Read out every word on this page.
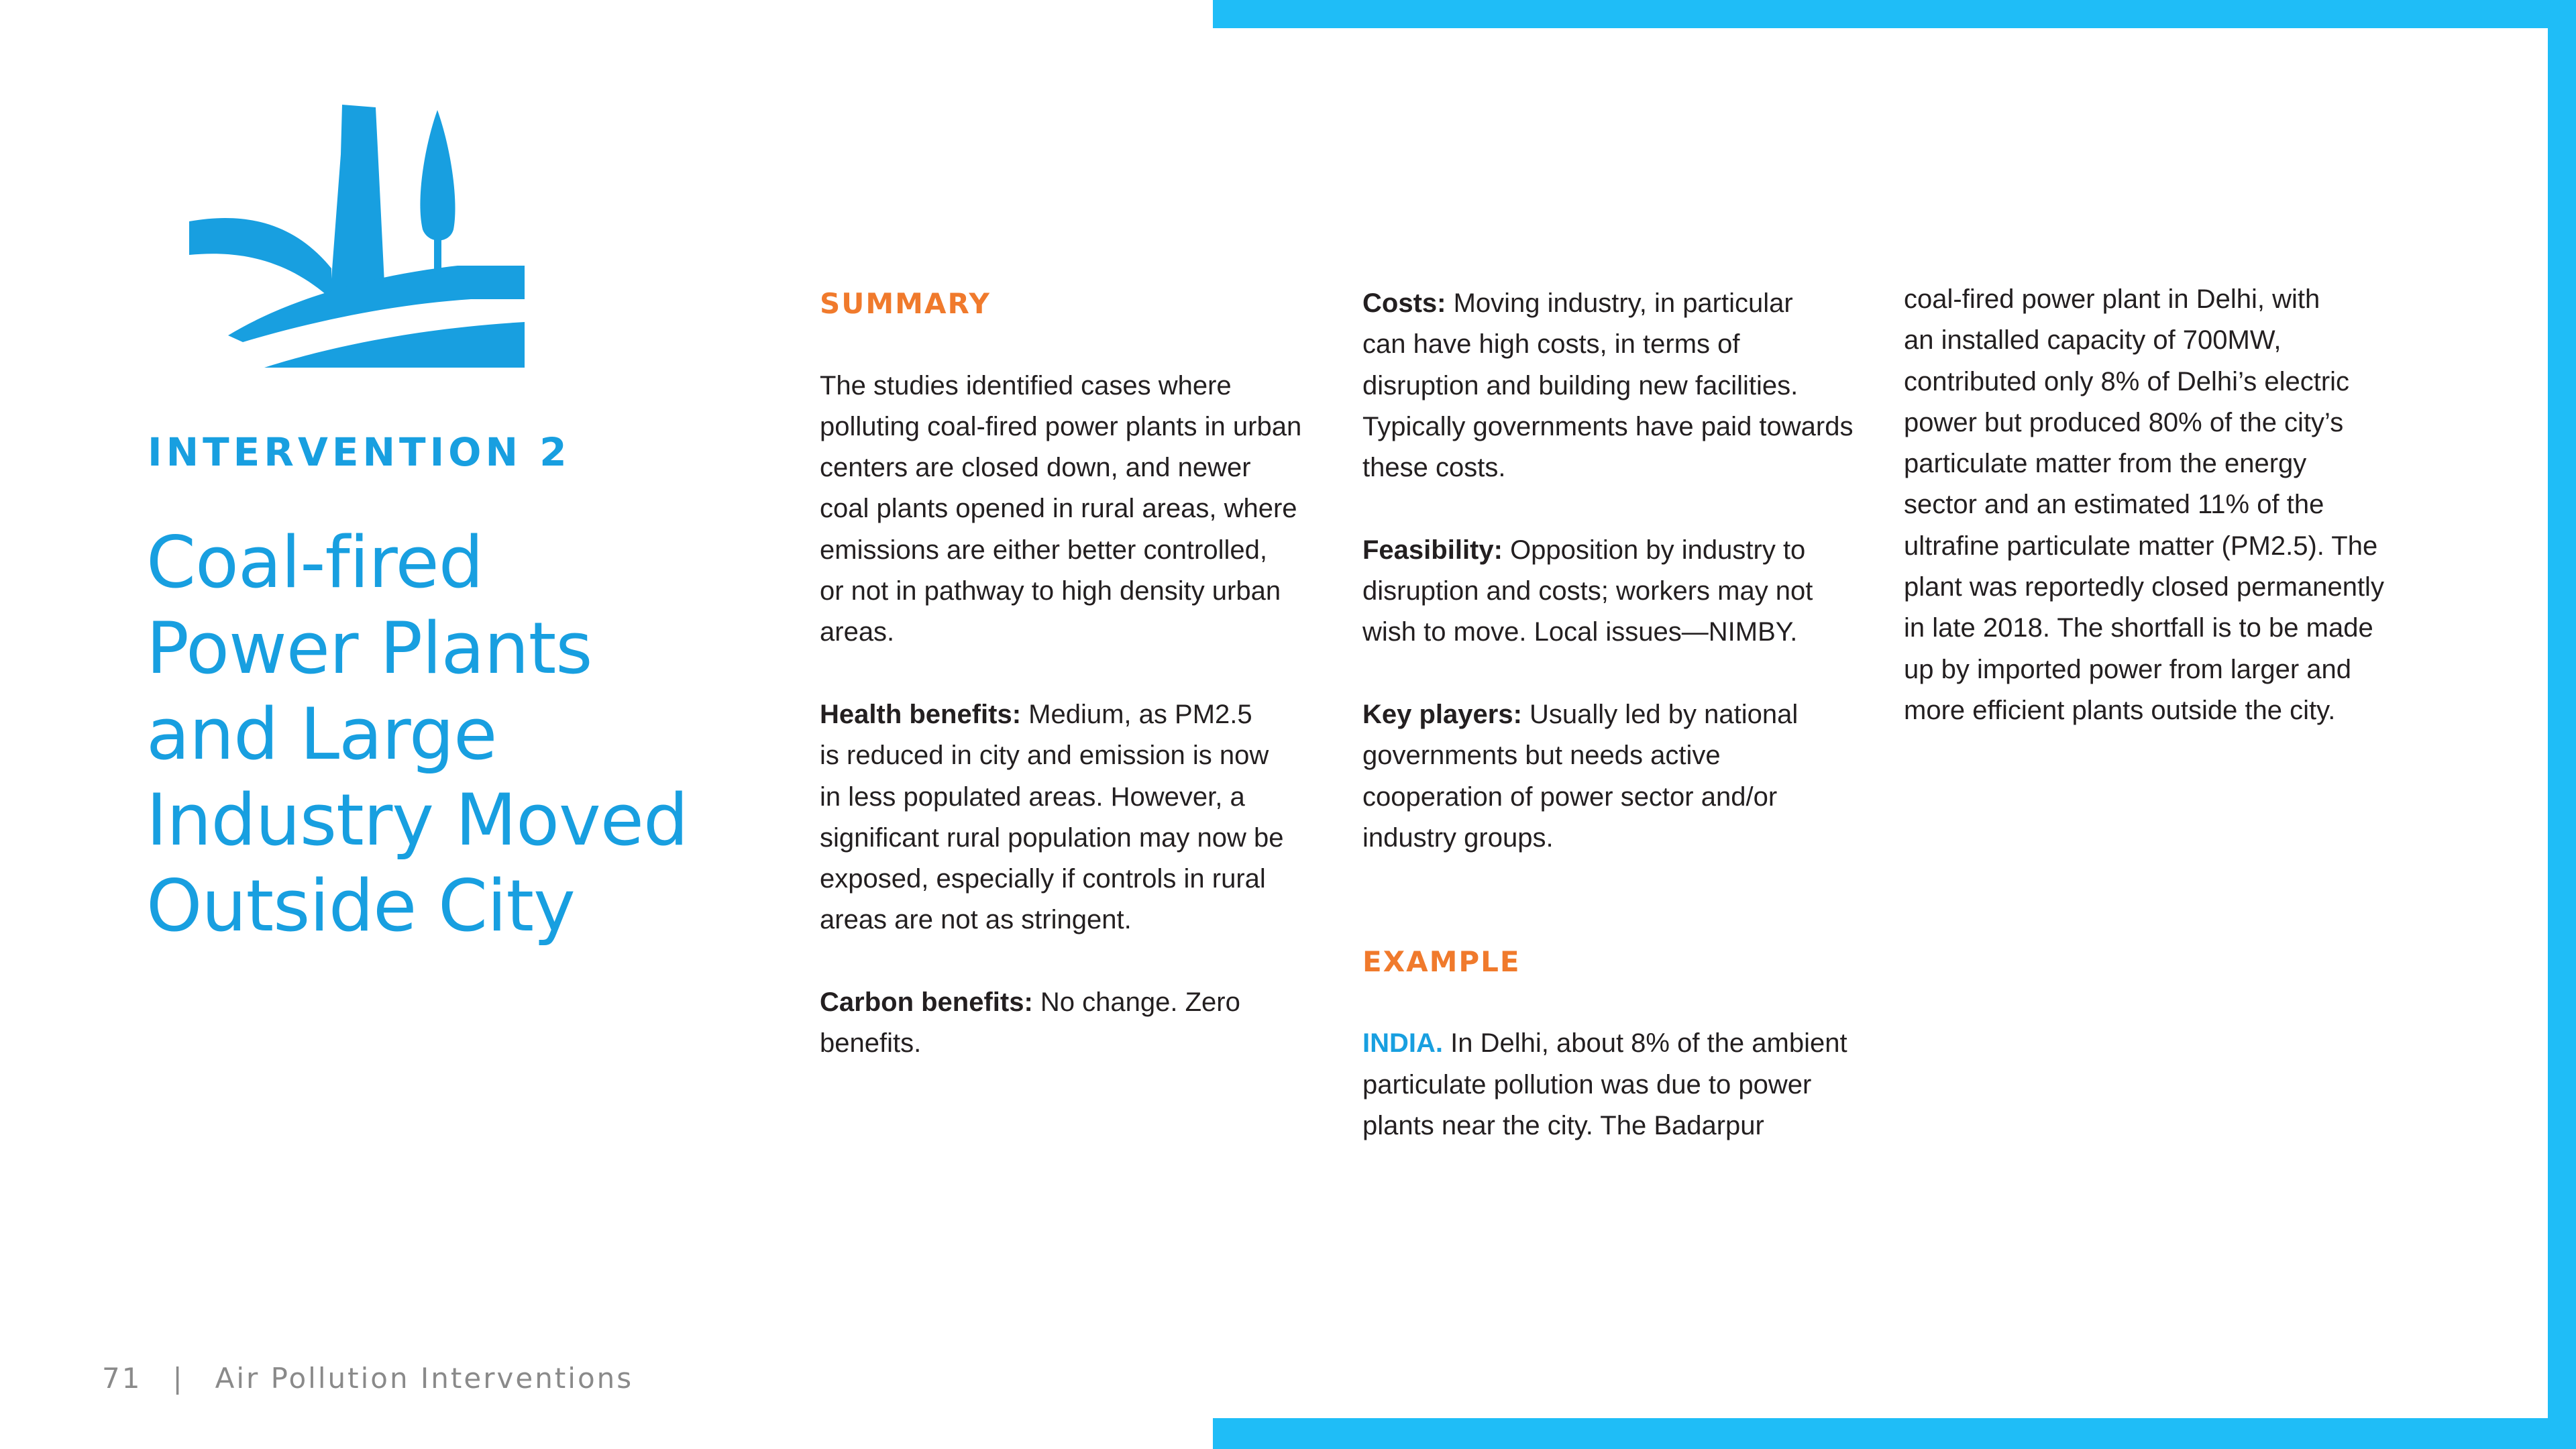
INTERVENTION 2
Coal-fired
Power Plants
and Large
Industry Moved
Outside City

SUMMARY

The studies identified cases where

polluting coal-fired power plants in urban

centers are closed down, and newer

coal plants opened in rural areas, where

emissions are either better controlled,

or not in pathway to high density urban

areas.

Health benefits: Medium, as PM2.5

is reduced in city and emission is now

in less populated areas. However, a

significant rural population may now be

exposed, especially if controls in rural

areas are not as stringent.

Carbon benefits: No change. Zero

benefits.

Costs: Moving industry, in particular

can have high costs, in terms of

disruption and building new facilities.

Typically governments have paid towards

these costs.

Feasibility: Opposition by industry to

disruption and costs; workers may not

wish to move. Local issues—NIMBY.

Key players: Usually led by national

governments but needs active

cooperation of power sector and/or

industry groups.

EXAMPLE

INDIA. In Delhi, about 8% of the ambient

particulate pollution was due to power

plants near the city. The Badarpur

coal-fired power plant in Delhi, with

an installed capacity of 700MW,

contributed only 8% of Delhi’s electric

power but produced 80% of the city’s

particulate matter from the energy

sector and an estimated 11% of the

ultrafine particulate matter (PM2.5). The

plant was reportedly closed permanently

in late 2018. The shortfall is to be made

up by imported power from larger and

more efficient plants outside the city.

71 | Air Pollution Interventions
